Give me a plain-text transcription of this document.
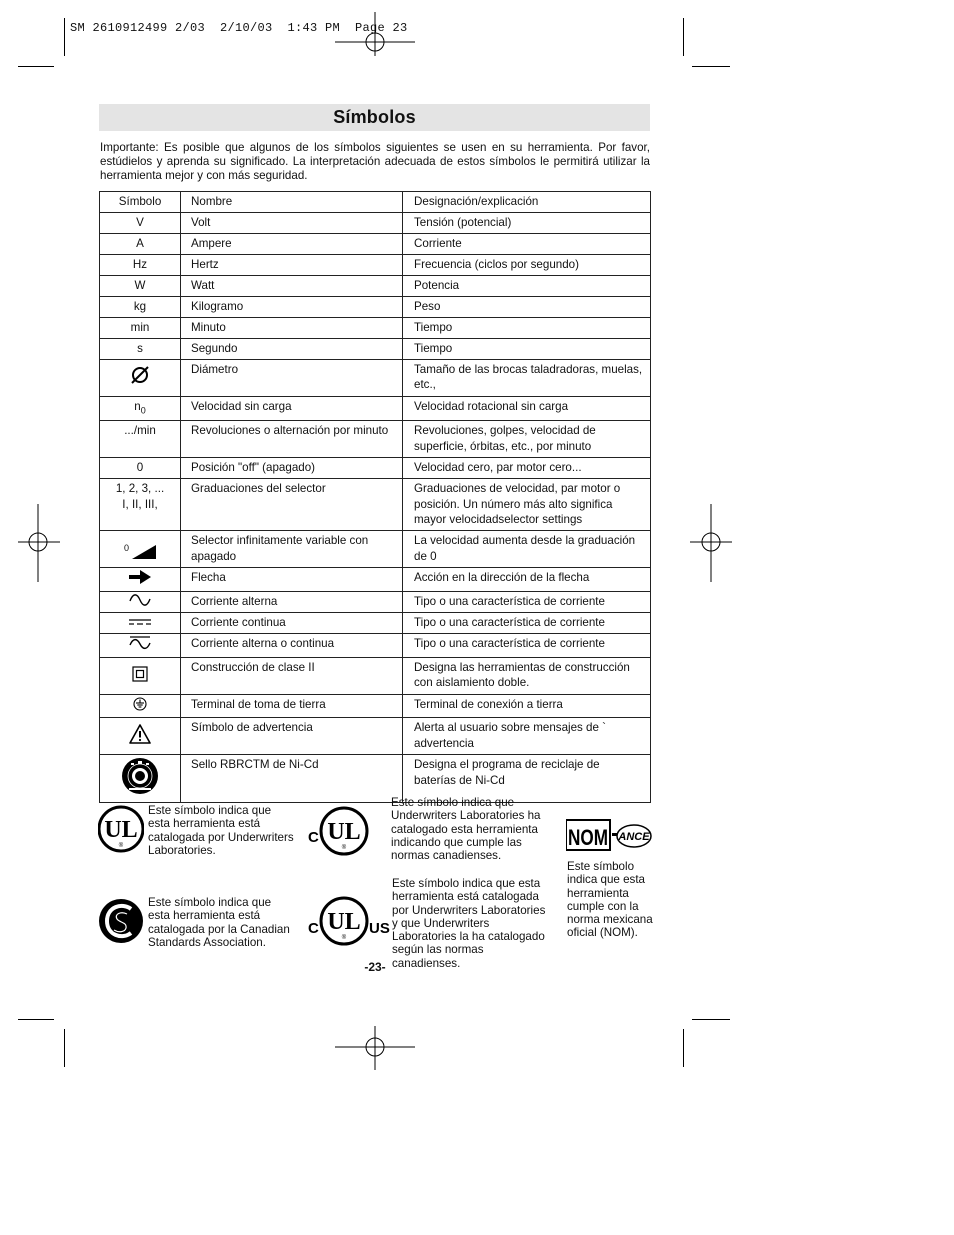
SM 2610912499 2/03  2/10/03  1:43 PM  Page 23
Símbolos
Importante: Es posible que algunos de los símbolos siguientes se usen en su herramienta. Por favor, estúdielos y aprenda su significado. La interpretación adecuada de estos símbolos le permitirá utilizar la herramienta mejor y con más seguridad.
Símbolo	Nombre	Designación/explicación
V	Volt	Tensión (potencial)
A	Ampere	Corriente
Hz	Hertz	Frecuencia (ciclos por segundo)
W	Watt	Potencia
kg	Kilogramo	Peso
min	Minuto	Tiempo
s	Segundo	Tiempo
	Diámetro	Tamaño de las brocas taladradoras, muelas, etc.,
$n_0$	Velocidad sin carga	Velocidad rotacional sin carga
.../min	Revoluciones o alternación por minuto	Revoluciones, golpes, velocidad de superficie, órbitas, etc., por minuto
0	Posición "off" (apagado)	Velocidad cero, par motor cero...

1, 2, 3, ...
I, II, III,	Graduaciones del selector	Graduaciones de velocidad, par motor o posición. Un número más alto significa mayor velocidadselector settings

0	Selector infinitamente variable con apagado	La velocidad aumenta desde la graduación de 0
	Flecha	Acción en la dirección de la flecha
	Corriente alterna	Tipo o una característica de corriente
	Corriente continua	Tipo o una característica de corriente
	Corriente alterna o continua	Tipo o una característica de corriente
	Construcción de clase II	Designa las herramientas de construcción con aislamiento doble.
	Terminal de toma de tierra	Terminal de conexión a tierra
	Símbolo de advertencia	Alerta al usuario sobre mensajes de ` advertencia
	Sello RBRCTM de Ni-Cd	Designa el programa de reciclaje de baterías de Ni-Cd
UL
®
Este símbolo indica que esta herramienta está catalogada por Underwriters Laboratories.
C UL
®
Este símbolo indica que Underwriters Laboratories ha catalogado esta herramienta indicando que cumple las normas canadienses.
NOM ANCE
Este símbolo indica que esta herramienta cumple con la norma mexicana oficial (NOM).
Este símbolo indica que esta herramienta está catalogada por la Canadian Standards Association.
C UL
®
US
Este símbolo indica que esta herramienta está catalogada por Underwriters Laboratories y que Underwriters Laboratories la ha catalogado según las normas canadienses.
-23-
